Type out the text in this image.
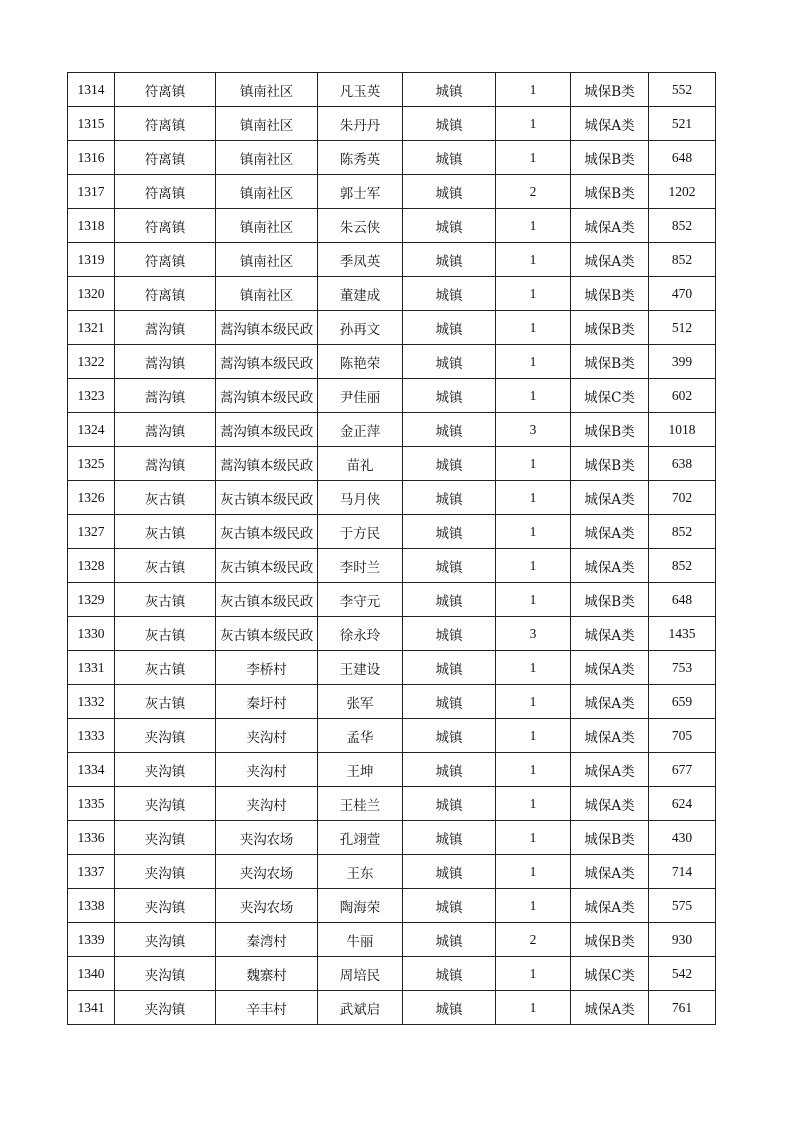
1314	符离镇	镇南社区	凡玉英	城镇	1	城保B类	552
1315	符离镇	镇南社区	朱丹丹	城镇	1	城保A类	521
1316	符离镇	镇南社区	陈秀英	城镇	1	城保B类	648
1317	符离镇	镇南社区	郭士军	城镇	2	城保B类	1202
1318	符离镇	镇南社区	朱云侠	城镇	1	城保A类	852
1319	符离镇	镇南社区	季凤英	城镇	1	城保A类	852
1320	符离镇	镇南社区	董建成	城镇	1	城保B类	470
1321	蒿沟镇	蒿沟镇本级民政	孙再文	城镇	1	城保B类	512
1322	蒿沟镇	蒿沟镇本级民政	陈艳荣	城镇	1	城保B类	399
1323	蒿沟镇	蒿沟镇本级民政	尹佳丽	城镇	1	城保C类	602
1324	蒿沟镇	蒿沟镇本级民政	金正萍	城镇	3	城保B类	1018
1325	蒿沟镇	蒿沟镇本级民政	苗礼	城镇	1	城保B类	638
1326	灰古镇	灰古镇本级民政	马月侠	城镇	1	城保A类	702
1327	灰古镇	灰古镇本级民政	于方民	城镇	1	城保A类	852
1328	灰古镇	灰古镇本级民政	李时兰	城镇	1	城保A类	852
1329	灰古镇	灰古镇本级民政	李守元	城镇	1	城保B类	648
1330	灰古镇	灰古镇本级民政	徐永玲	城镇	3	城保A类	1435
1331	灰古镇	李桥村	王建设	城镇	1	城保A类	753
1332	灰古镇	秦圩村	张军	城镇	1	城保A类	659
1333	夹沟镇	夹沟村	孟华	城镇	1	城保A类	705
1334	夹沟镇	夹沟村	王坤	城镇	1	城保A类	677
1335	夹沟镇	夹沟村	王桂兰	城镇	1	城保A类	624
1336	夹沟镇	夹沟农场	孔翊萱	城镇	1	城保B类	430
1337	夹沟镇	夹沟农场	王东	城镇	1	城保A类	714
1338	夹沟镇	夹沟农场	陶海荣	城镇	1	城保A类	575
1339	夹沟镇	秦湾村	牛丽	城镇	2	城保B类	930
1340	夹沟镇	魏寨村	周培民	城镇	1	城保C类	542
1341	夹沟镇	辛丰村	武斌启	城镇	1	城保A类	761
